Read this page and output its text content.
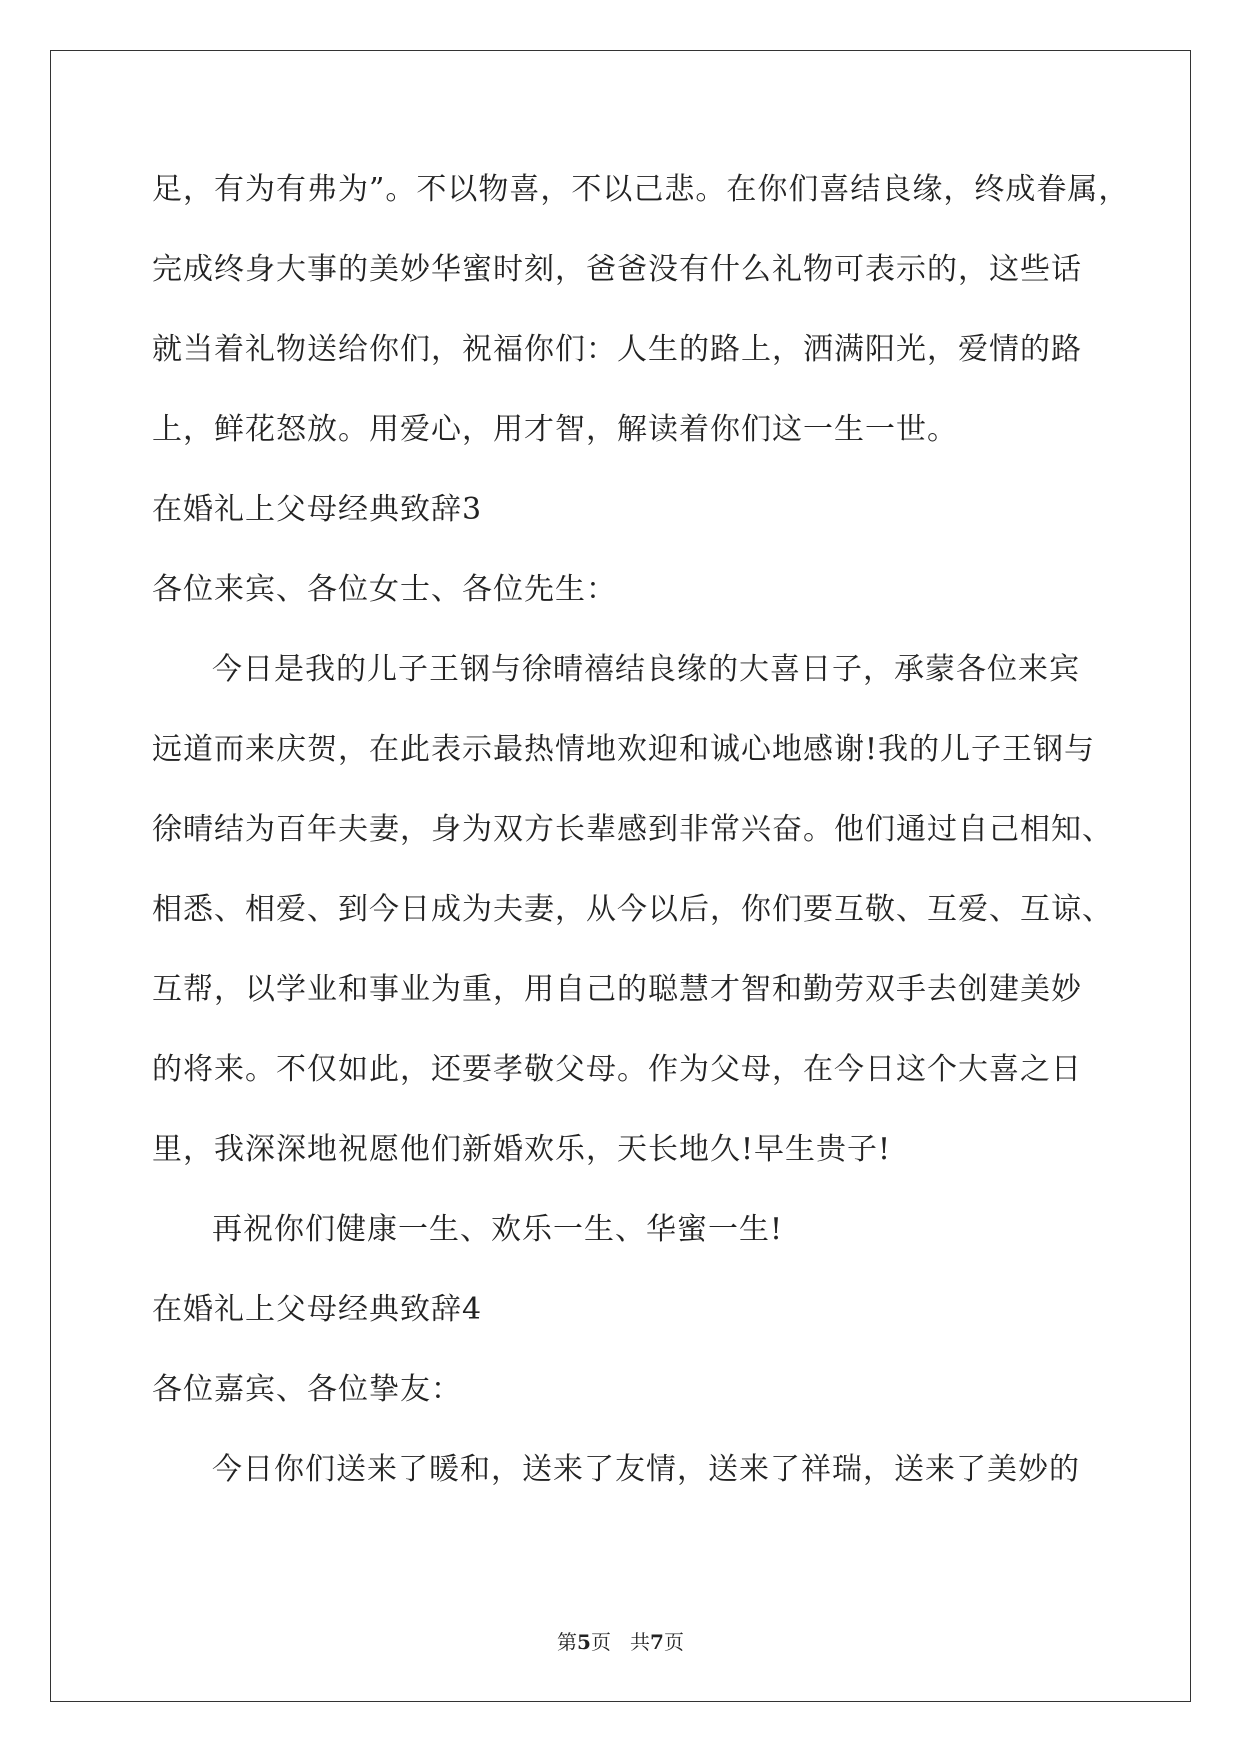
足，有为有弗为”。不以物喜，不以己悲。在你们喜结良缘，终成眷属，
完成终身大事的美妙华蜜时刻，爸爸没有什么礼物可表示的，这些话
就当着礼物送给你们，祝福你们：人生的路上，洒满阳光，爱情的路
上，鲜花怒放。用爱心，用才智，解读着你们这一生一世。
在婚礼上父母经典致辞3
各位来宾、各位女士、各位先生：
今日是我的儿子王钢与徐晴禧结良缘的大喜日子，承蒙各位来宾
远道而来庆贺，在此表示最热情地欢迎和诚心地感谢!我的儿子王钢与
徐晴结为百年夫妻，身为双方长辈感到非常兴奋。他们通过自己相知、
相悉、相爱、到今日成为夫妻，从今以后，你们要互敬、互爱、互谅、
互帮，以学业和事业为重，用自己的聪慧才智和勤劳双手去创建美妙
的将来。不仅如此，还要孝敬父母。作为父母，在今日这个大喜之日
里，我深深地祝愿他们新婚欢乐，天长地久!早生贵子!
再祝你们健康一生、欢乐一生、华蜜一生!
在婚礼上父母经典致辞4
各位嘉宾、各位挚友：
今日你们送来了暖和，送来了友情，送来了祥瑞，送来了美妙的
第5页 共7页
